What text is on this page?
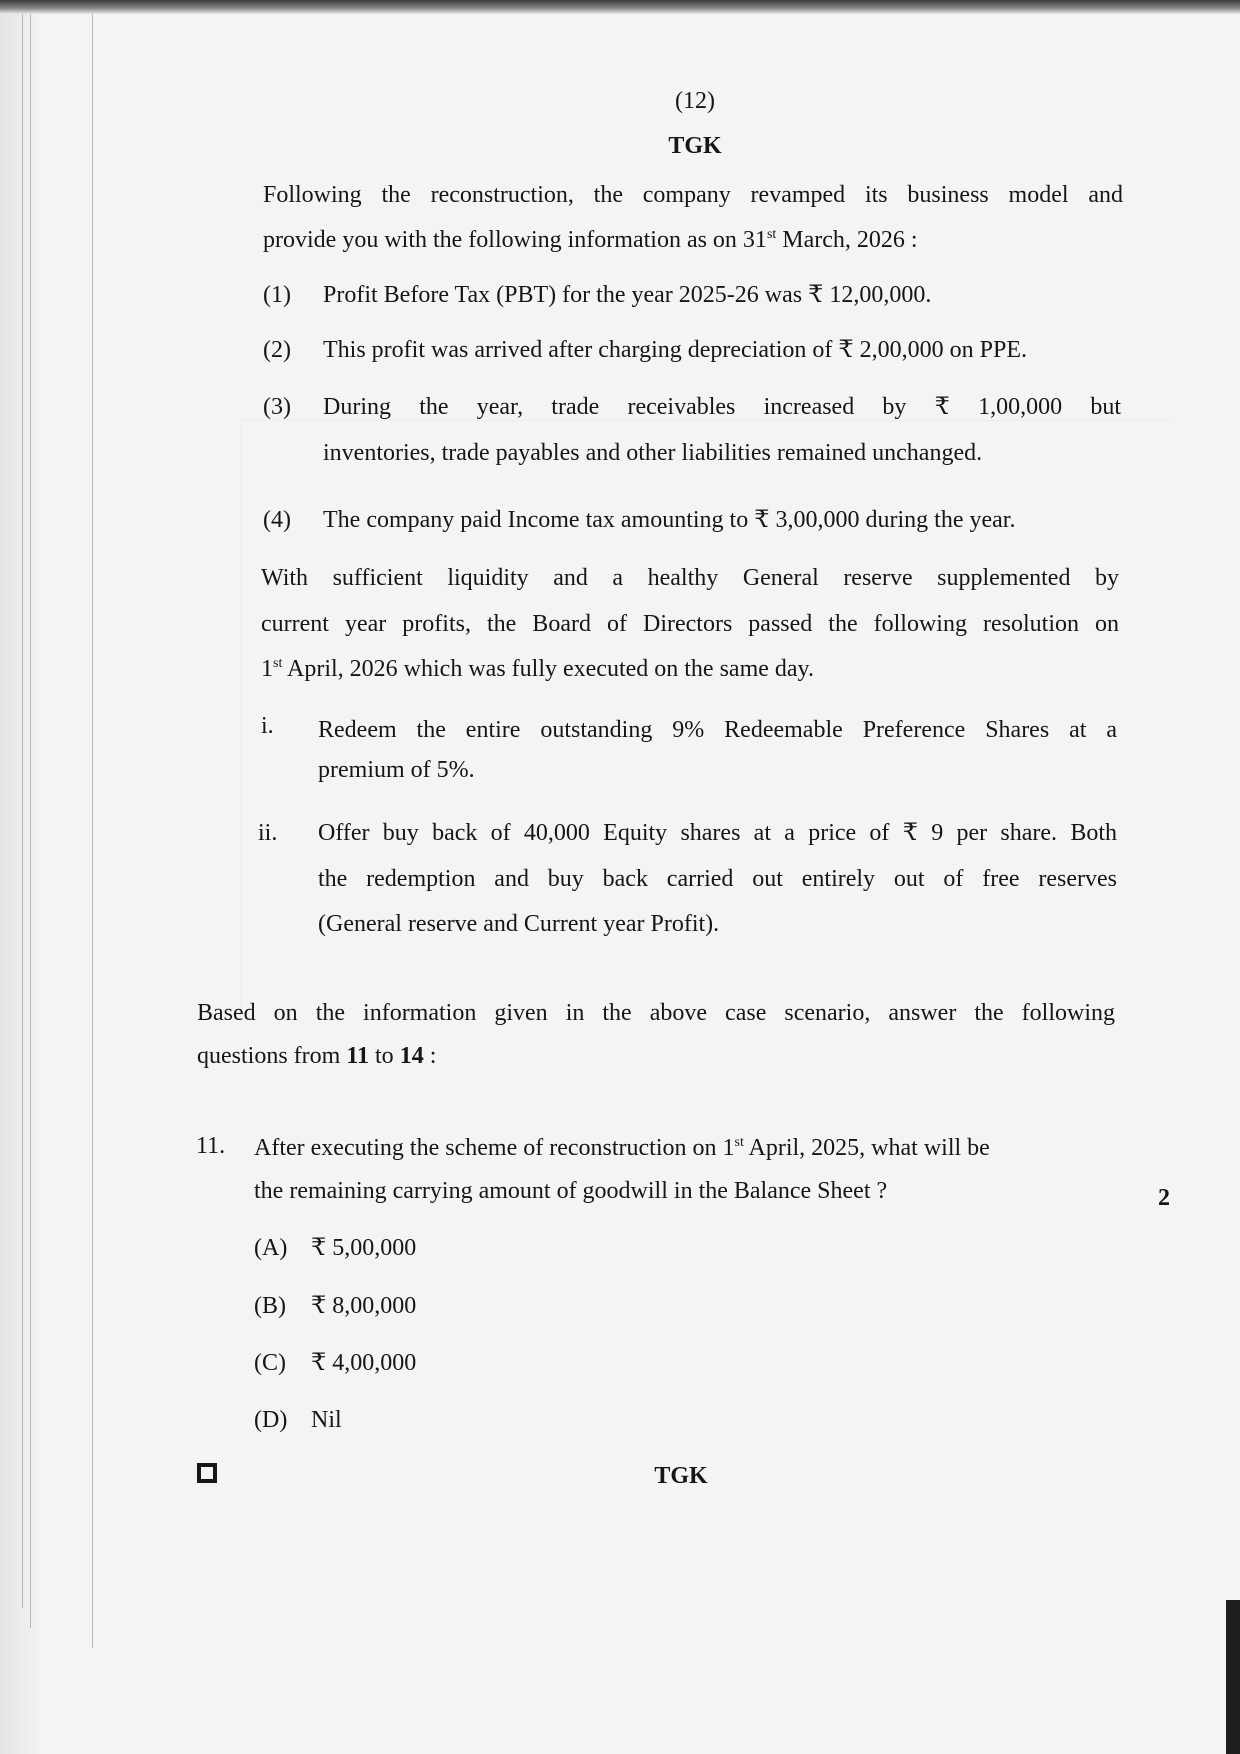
(12)
TGK

Following the reconstruction, the company revamped its business model and

provide you with the following information as on 31st March, 2026 :

(1) Profit Before Tax (PBT) for the year 2025-26 was ₹ 12,00,000.

(2) This profit was arrived after charging depreciation of ₹ 2,00,000 on PPE.

(3) During the year, trade receivables increased by ₹ 1,00,000 but

inventories, trade payables and other liabilities remained unchanged.

(4) The company paid Income tax amounting to ₹ 3,00,000 during the year.

With sufficient liquidity and a healthy General reserve supplemented by

current year profits, the Board of Directors passed the following resolution on

1st April, 2026 which was fully executed on the same day.

i. Redeem the entire outstanding 9% Redeemable Preference Shares at a

premium of 5%.

ii. Offer buy back of 40,000 Equity shares at a price of ₹ 9 per share. Both

the redemption and buy back carried out entirely out of free reserves

(General reserve and Current year Profit).

Based on the information given in the above case scenario, answer the following

questions from 11 to 14 :

11. After executing the scheme of reconstruction on 1st April, 2025, what will be

the remaining carrying amount of goodwill in the Balance Sheet ?	2
(A) ₹ 5,00,000
(B) ₹ 8,00,000
(C) ₹ 4,00,000
(D) Nil
TGK
